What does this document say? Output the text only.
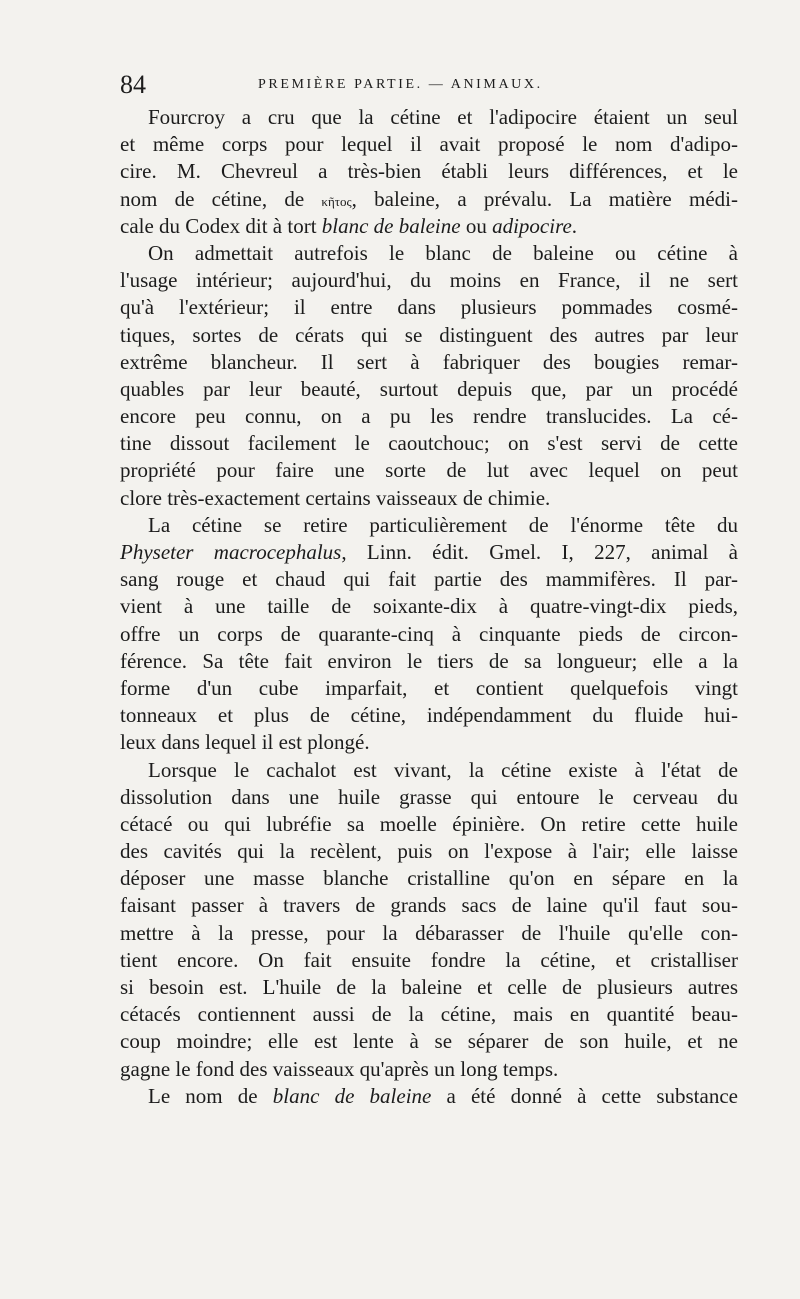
84	PREMIÈRE PARTIE. — ANIMAUX.
Fourcroy a cru que la cétine et l'adipocire étaient un seul
et même corps pour lequel il avait proposé le nom d'adipo-
cire. M. Chevreul a très-bien établi leurs différences, et le
nom de cétine, de κῆτος, baleine, a prévalu. La matière médi-
cale du Codex dit à tort blanc de baleine ou adipocire.
On admettait autrefois le blanc de baleine ou cétine à
l'usage intérieur; aujourd'hui, du moins en France, il ne sert
qu'à l'extérieur; il entre dans plusieurs pommades cosmé-
tiques, sortes de cérats qui se distinguent des autres par leur
extrême blancheur. Il sert à fabriquer des bougies remar-
quables par leur beauté, surtout depuis que, par un procédé
encore peu connu, on a pu les rendre translucides. La cé-
tine dissout facilement le caoutchouc; on s'est servi de cette
propriété pour faire une sorte de lut avec lequel on peut
clore très-exactement certains vaisseaux de chimie.
La cétine se retire particulièrement de l'énorme tête du
Physeter macrocephalus, Linn. édit. Gmel. I, 227, animal à
sang rouge et chaud qui fait partie des mammifères. Il par-
vient à une taille de soixante-dix à quatre-vingt-dix pieds,
offre un corps de quarante-cinq à cinquante pieds de circon-
férence. Sa tête fait environ le tiers de sa longueur; elle a la
forme d'un cube imparfait, et contient quelquefois vingt
tonneaux et plus de cétine, indépendamment du fluide hui-
leux dans lequel il est plongé.
Lorsque le cachalot est vivant, la cétine existe à l'état de
dissolution dans une huile grasse qui entoure le cerveau du
cétacé ou qui lubréfie sa moelle épinière. On retire cette huile
des cavités qui la recèlent, puis on l'expose à l'air; elle laisse
déposer une masse blanche cristalline qu'on en sépare en la
faisant passer à travers de grands sacs de laine qu'il faut sou-
mettre à la presse, pour la débarasser de l'huile qu'elle con-
tient encore. On fait ensuite fondre la cétine, et cristalliser
si besoin est. L'huile de la baleine et celle de plusieurs autres
cétacés contiennent aussi de la cétine, mais en quantité beau-
coup moindre; elle est lente à se séparer de son huile, et ne
gagne le fond des vaisseaux qu'après un long temps.
Le nom de blanc de baleine a été donné à cette substance
